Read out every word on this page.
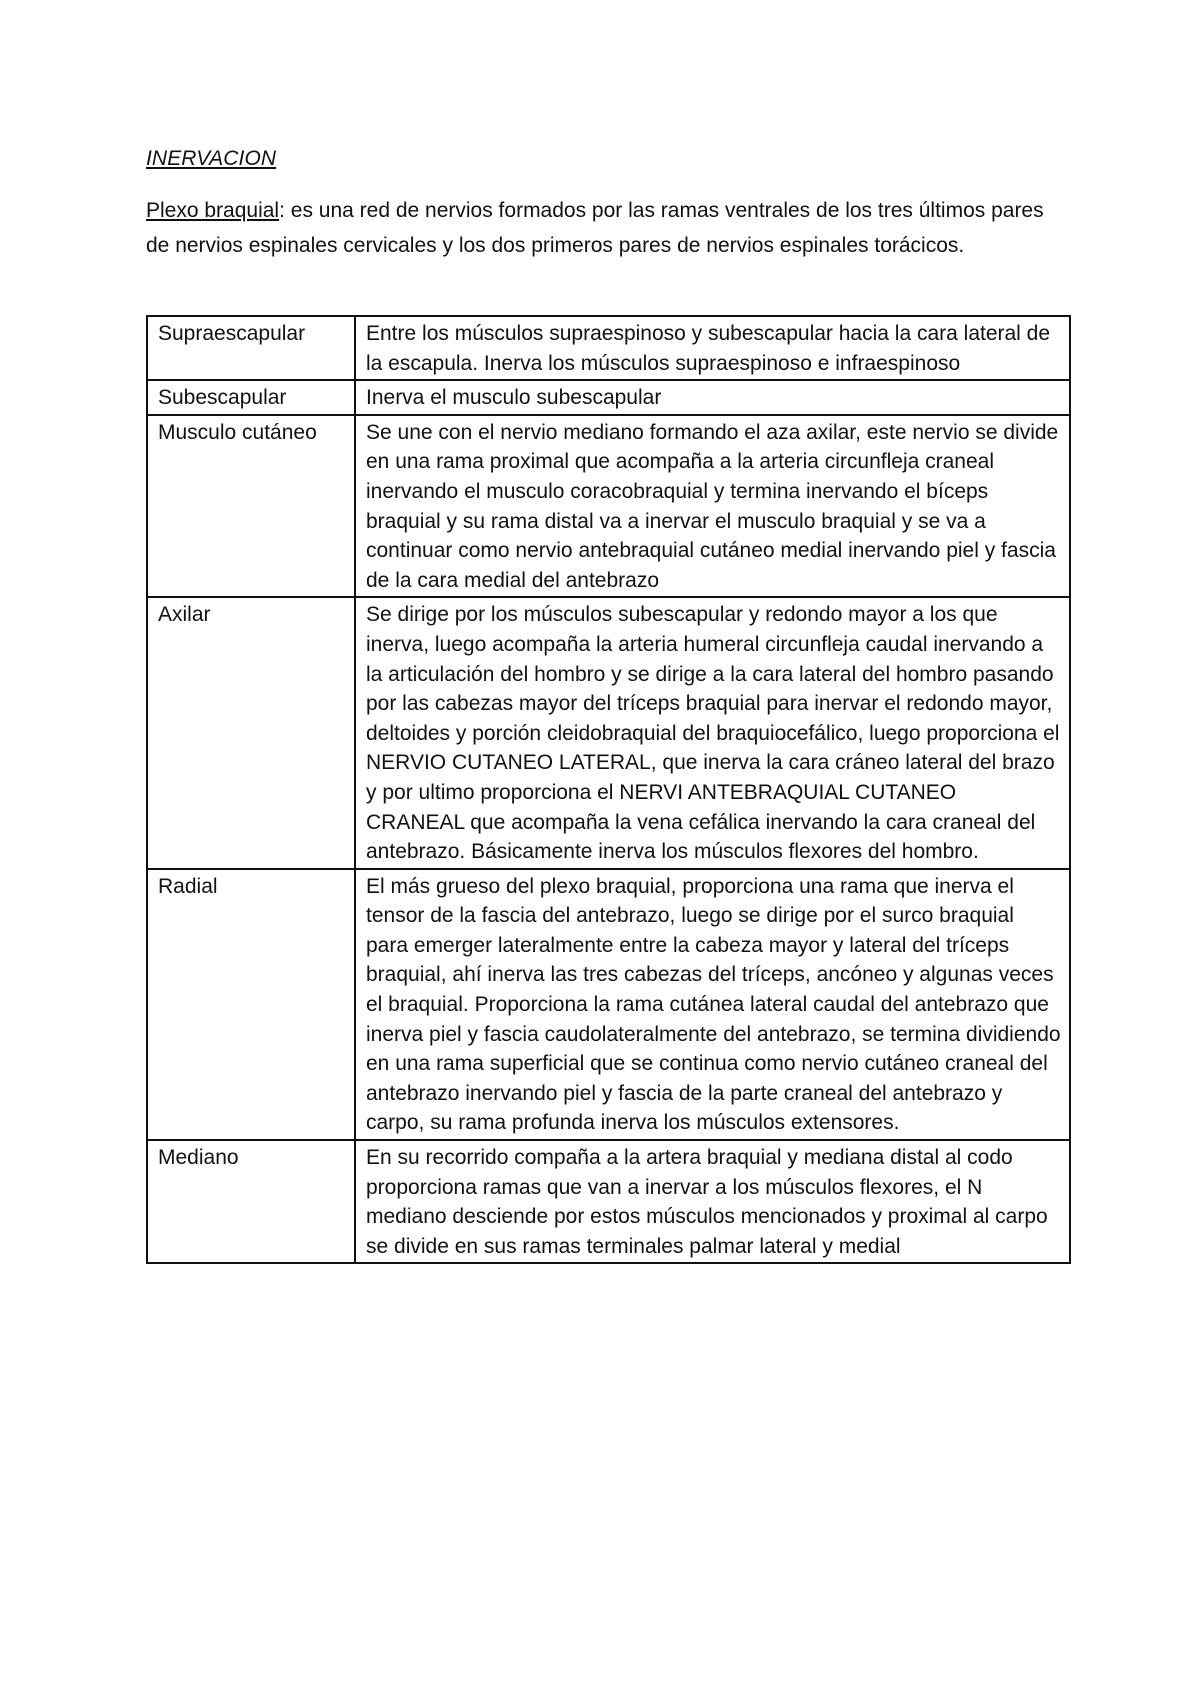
INERVACION
Plexo braquial: es una red de nervios formados por las ramas ventrales de los tres últimos pares de nervios espinales cervicales y los dos primeros pares de nervios espinales torácicos.
Supraescapular	Entre los músculos supraespinoso y subescapular hacia la cara lateral de la escapula. Inerva los músculos supraespinoso e infraespinoso
Subescapular	Inerva el musculo subescapular
Musculo cutáneo	Se une con el nervio mediano formando el aza axilar, este nervio se divide en una rama proximal que acompaña a la arteria circunfleja craneal inervando el musculo coracobraquial y termina inervando el bíceps braquial y su rama distal va a inervar el musculo braquial y se va a continuar como nervio antebraquial cutáneo medial inervando piel y fascia de la cara medial del antebrazo
Axilar	Se dirige por los músculos subescapular y redondo mayor a los que inerva, luego acompaña la arteria humeral circunfleja caudal inervando a la articulación del hombro y se dirige a la cara lateral del hombro pasando por las cabezas mayor del tríceps braquial para inervar el redondo mayor, deltoides y porción cleidobraquial del braquiocefálico, luego proporciona el NERVIO CUTANEO LATERAL, que inerva la cara cráneo lateral del brazo y por ultimo proporciona el NERVI ANTEBRAQUIAL CUTANEO CRANEAL que acompaña la vena cefálica inervando la cara craneal del antebrazo. Básicamente inerva los músculos flexores del hombro.
Radial	El más grueso del plexo braquial, proporciona una rama que inerva el tensor de la fascia del antebrazo, luego se dirige por el surco braquial para emerger lateralmente entre la cabeza mayor y lateral del tríceps braquial, ahí inerva las tres cabezas del tríceps, ancóneo y algunas veces el braquial. Proporciona la rama cutánea lateral caudal del antebrazo que inerva piel y fascia caudolateralmente del antebrazo, se termina dividiendo en una rama superficial que se continua como nervio cutáneo craneal del antebrazo inervando piel y fascia de la parte craneal del antebrazo y carpo, su rama profunda inerva los músculos extensores.
Mediano	En su recorrido compaña a la artera braquial y mediana distal al codo proporciona ramas que van a inervar a los músculos flexores, el N mediano desciende por estos músculos mencionados y proximal al carpo se divide en sus ramas terminales palmar lateral y medial
